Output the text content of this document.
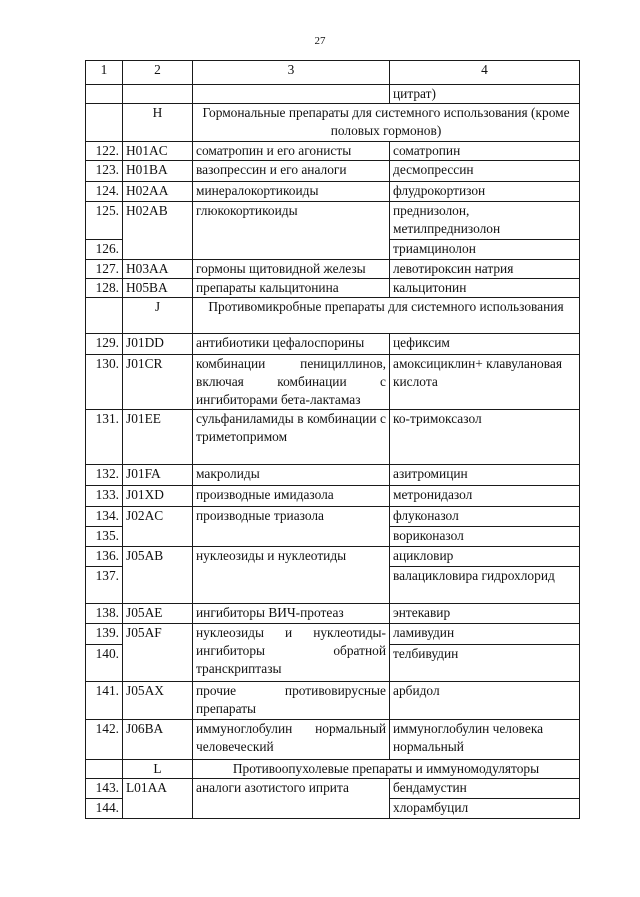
27
1	2	3	4
			цитрат)
	H	Гормональные препараты для системного использования (кроме половых гормонов)	
122.	H01AC	соматропин и его агонисты	соматропин
123.	H01BA	вазопрессин и его аналоги	десмопрессин
124.	H02AA	минералокортикоиды	флудрокортизон
125.	H02AB	глюкокортикоиды	преднизолон, метилпреднизолон
126.			триамцинолон
127.	H03AA	гормоны щитовидной железы	левотироксин натрия
128.	H05BA	препараты кальцитонина	кальцитонин
	J	Противомикробные препараты для системного использования	
129.	J01DD	антибиотики цефалоспорины	цефиксим
130.	J01CR	комбинации пенициллинов, включая комбинации с ингибиторами бета-лактамаз	амоксициклин+ клавулановая кислота
131.	J01EE	сульфаниламиды в комбинации с триметопримом	ко-тримоксазол
132.	J01FA	макролиды	азитромицин
133.	J01XD	производные имидазола	метронидазол
134.	J02AC	производные триазола	флуконазол
135.			вориконазол
136.	J05AB	нуклеозиды и нуклеотиды	ацикловир
137.			валацикловира гидрохлорид
138.	J05AE	ингибиторы ВИЧ-протеаз	энтекавир
139.	J05AF	нуклеозиды и нуклеотиды-ингибиторы обратной транскриптазы	ламивудин
140.			телбивудин
141.	J05AX	прочие противовирусные препараты	арбидол
142.	J06BA	иммуноглобулин нормальный человеческий	иммуноглобулин человека нормальный
	L	Противоопухолевые препараты и иммуномодуляторы	
143.	L01AA	аналоги азотистого иприта	бендамустин
144.			хлорамбуцил
